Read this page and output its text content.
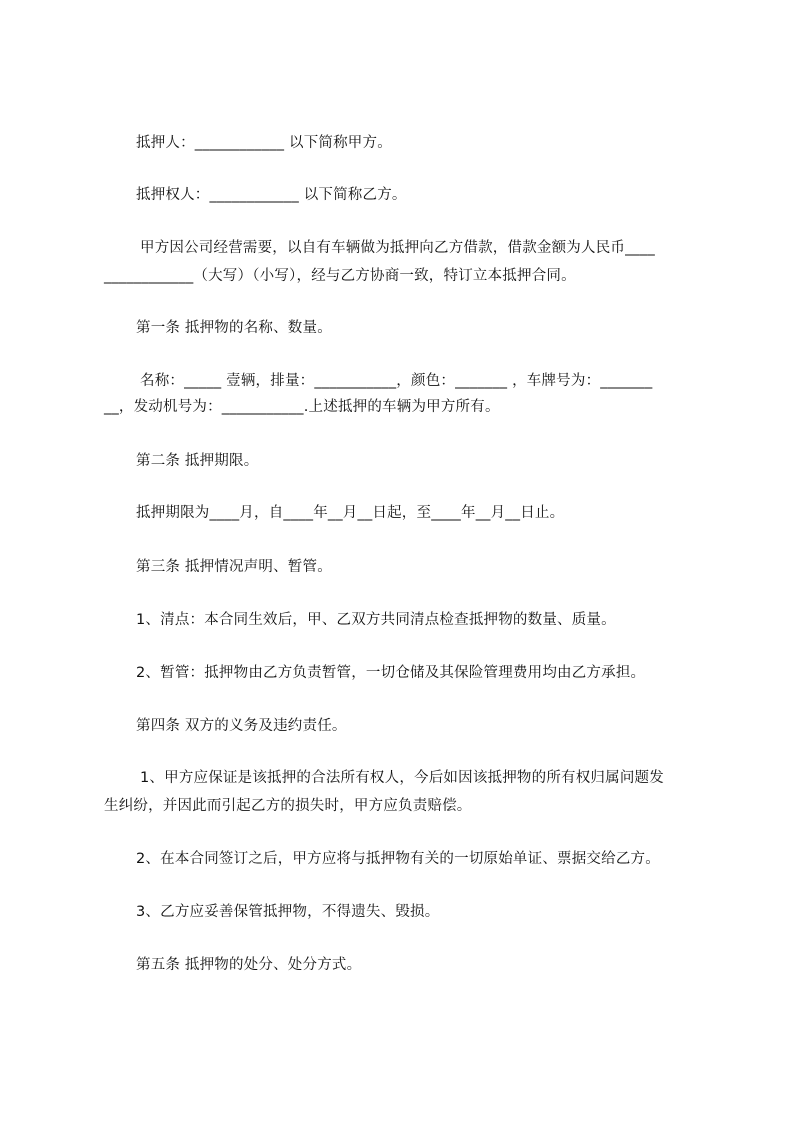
抵押人：____________ 以下简称甲方。
抵押权人：____________ 以下简称乙方。
甲方因公司经营需要，以自有车辆做为抵押向乙方借款，借款金额为人民币____
____________（大写）（小写），经与乙方协商一致，特订立本抵押合同。
第一条 抵押物的名称、数量。
名称：_____ 壹辆，排量：___________，颜色：_______ ，车牌号为：_______
__，发动机号为：___________.上述抵押的车辆为甲方所有。
第二条 抵押期限。
抵押期限为____月，自____年__月__日起，至____年__月__日止。
第三条 抵押情况声明、暂管。
1、清点：本合同生效后，甲、乙双方共同清点检查抵押物的数量、质量。
2、暂管：抵押物由乙方负责暂管，一切仓储及其保险管理费用均由乙方承担。
第四条 双方的义务及违约责任。
1、甲方应保证是该抵押的合法所有权人，今后如因该抵押物的所有权归属问题发
生纠纷，并因此而引起乙方的损失时，甲方应负责赔偿。
2、在本合同签订之后，甲方应将与抵押物有关的一切原始单证、票据交给乙方。
3、乙方应妥善保管抵押物，不得遗失、毁损。
第五条 抵押物的处分、处分方式。
